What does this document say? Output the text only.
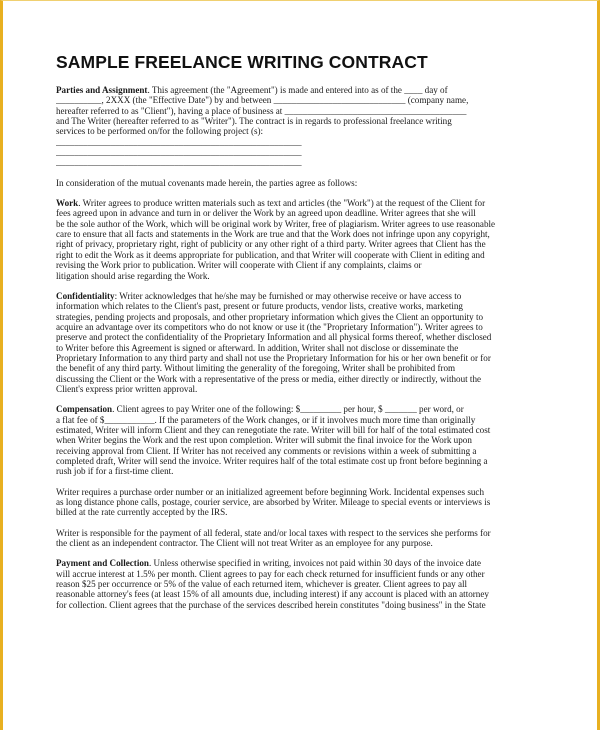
SAMPLE FREELANCE WRITING CONTRACT
Parties and Assignment. This agreement (the "Agreement") is made and entered into as of the ____ day of
__________, 2XXX (the "Effective Date") by and between _____________________________ (company name,
hereafter referred to as "Client"), having a place of business at ________________________________________
and The Writer (hereafter referred to as "Writer"). The contract is in regards to professional freelance writing
services to be performed on/for the following project (s):
______________________________________________________
______________________________________________________
______________________________________________________
In consideration of the mutual covenants made herein, the parties agree as follows:
Work. Writer agrees to produce written materials such as text and articles (the "Work") at the request of the Client for
fees agreed upon in advance and turn in or deliver the Work by an agreed upon deadline. Writer agrees that she will
be the sole author of the Work, which will be original work by Writer, free of plagiarism. Writer agrees to use reasonable
care to ensure that all facts and statements in the Work are true and that the Work does not infringe upon any copyright,
right of privacy, proprietary right, right of publicity or any other right of a third party. Writer agrees that Client has the
right to edit the Work as it deems appropriate for publication, and that Writer will cooperate with Client in editing and
revising the Work prior to publication. Writer will cooperate with Client if any complaints, claims or
litigation should arise regarding the Work.
Confidentiality: Writer acknowledges that he/she may be furnished or may otherwise receive or have access to
information which relates to the Client's past, present or future products, vendor lists, creative works, marketing
strategies, pending projects and proposals, and other proprietary information which gives the Client an opportunity to
acquire an advantage over its competitors who do not know or use it (the "Proprietary Information"). Writer agrees to
preserve and protect the confidentiality of the Proprietary Information and all physical forms thereof, whether disclosed
to Writer before this Agreement is signed or afterward. In addition, Writer shall not disclose or disseminate the
Proprietary Information to any third party and shall not use the Proprietary Information for his or her own benefit or for
the benefit of any third party. Without limiting the generality of the foregoing, Writer shall be prohibited from
discussing the Client or the Work with a representative of the press or media, either directly or indirectly, without the
Client's express prior written approval.
Compensation. Client agrees to pay Writer one of the following: $_________ per hour, $ _______ per word, or
a flat fee of $___________. If the parameters of the Work changes, or if it involves much more time than originally
estimated, Writer will inform Client and they can renegotiate the rate. Writer will bill for half of the total estimated cost
when Writer begins the Work and the rest upon completion. Writer will submit the final invoice for the Work upon
receiving approval from Client. If Writer has not received any comments or revisions within a week of submitting a
completed draft, Writer will send the invoice. Writer requires half of the total estimate cost up front before beginning a
rush job if for a first-time client.
Writer requires a purchase order number or an initialized agreement before beginning Work. Incidental expenses such
as long distance phone calls, postage, courier service, are absorbed by Writer. Mileage to special events or interviews is
billed at the rate currently accepted by the IRS.
Writer is responsible for the payment of all federal, state and/or local taxes with respect to the services she performs for
the client as an independent contractor. The Client will not treat Writer as an employee for any purpose.
Payment and Collection. Unless otherwise specified in writing, invoices not paid within 30 days of the invoice date
will accrue interest at 1.5% per month. Client agrees to pay for each check returned for insufficient funds or any other
reason $25 per occurrence or 5% of the value of each returned item, whichever is greater. Client agrees to pay all
reasonable attorney's fees (at least 15% of all amounts due, including interest) if any account is placed with an attorney
for collection. Client agrees that the purchase of the services described herein constitutes "doing business" in the State
